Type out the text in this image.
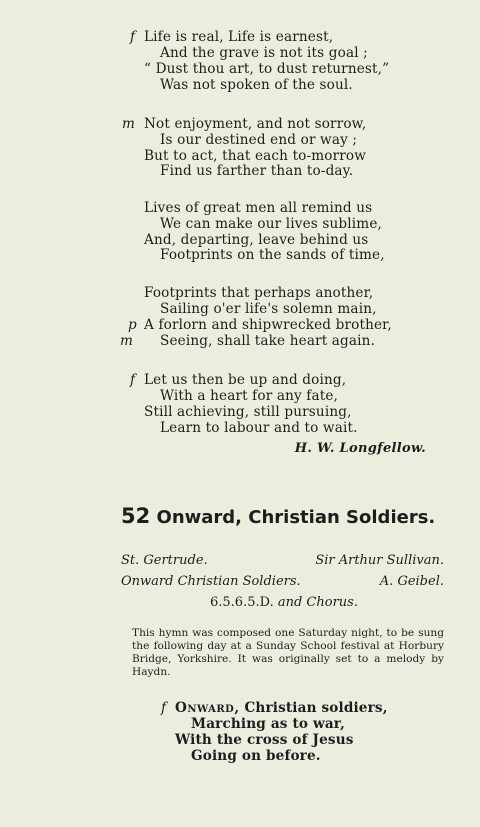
f Life is real, Life is earnest,
And the grave is not its goal ;
“ Dust thou art, to dust returnest,”
Was not spoken of the soul.
m Not enjoyment, and not sorrow,
Is our destined end or way ;
But to act, that each to-morrow
Find us farther than to-day.
Lives of great men all remind us
We can make our lives sublime,
And, departing, leave behind us
Footprints on the sands of time,
Footprints that perhaps another,
Sailing o'er life's solemn main,
p A forlorn and shipwrecked brother,
m Seeing, shall take heart again.
f Let us then be up and doing,
With a heart for any fate,
Still achieving, still pursuing,
Learn to labour and to wait.
H. W. Longfellow.
52 Onward, Christian Soldiers.
St. Gertrude.	Sir Arthur Sullivan.
Onward Christian Soldiers.	A. Geibel.
6.5.6.5.D. and Chorus.
This hymn was composed one Saturday night, to be sung the following day at a Sunday School festival at Horbury Bridge, Yorkshire. It was originally set to a melody by Haydn.
f Onward, Christian soldiers,
Marching as to war,
With the cross of Jesus
Going on before.
